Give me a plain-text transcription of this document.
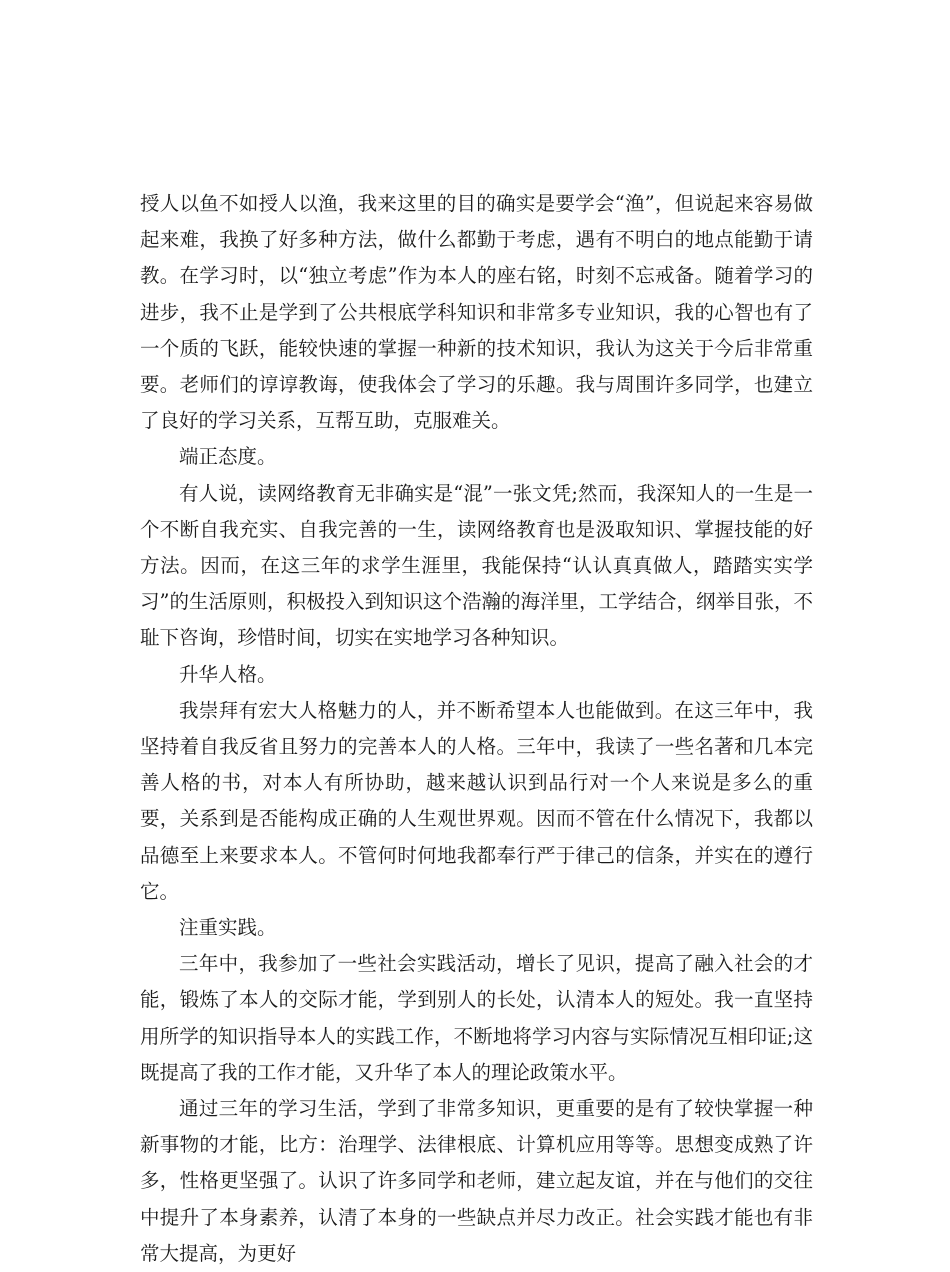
授人以鱼不如授人以渔，我来这里的目的确实是要学会“渔”，但说起来容易做起来难，我换了好多种方法，做什么都勤于考虑，遇有不明白的地点能勤于请教。在学习时，以“独立考虑”作为本人的座右铭，时刻不忘戒备。随着学习的进步，我不止是学到了公共根底学科知识和非常多专业知识，我的心智也有了一个质的飞跃，能较快速的掌握一种新的技术知识，我认为这关于今后非常重要。老师们的谆谆教诲，使我体会了学习的乐趣。我与周围许多同学，也建立了良好的学习关系，互帮互助，克服难关。

端正态度。

有人说，读网络教育无非确实是“混”一张文凭;然而，我深知人的一生是一个不断自我充实、自我完善的一生，读网络教育也是汲取知识、掌握技能的好方法。因而，在这三年的求学生涯里，我能保持“认认真真做人，踏踏实实学习”的生活原则，积极投入到知识这个浩瀚的海洋里，工学结合，纲举目张，不耻下咨询，珍惜时间，切实在实地学习各种知识。

升华人格。

我崇拜有宏大人格魅力的人，并不断希望本人也能做到。在这三年中，我坚持着自我反省且努力的完善本人的人格。三年中，我读了一些名著和几本完善人格的书，对本人有所协助，越来越认识到品行对一个人来说是多么的重要，关系到是否能构成正确的人生观世界观。因而不管在什么情况下，我都以品德至上来要求本人。不管何时何地我都奉行严于律己的信条，并实在的遵行它。

注重实践。

三年中，我参加了一些社会实践活动，增长了见识，提高了融入社会的才能，锻炼了本人的交际才能，学到别人的长处，认清本人的短处。我一直坚持用所学的知识指导本人的实践工作，不断地将学习内容与实际情况互相印证;这既提高了我的工作才能，又升华了本人的理论政策水平。

通过三年的学习生活，学到了非常多知识，更重要的是有了较快掌握一种新事物的才能，比方：治理学、法律根底、计算机应用等等。思想变成熟了许多，性格更坚强了。认识了许多同学和老师，建立起友谊，并在与他们的交往中提升了本身素养，认清了本身的一些缺点并尽力改正。社会实践才能也有非常大提高，为更好
